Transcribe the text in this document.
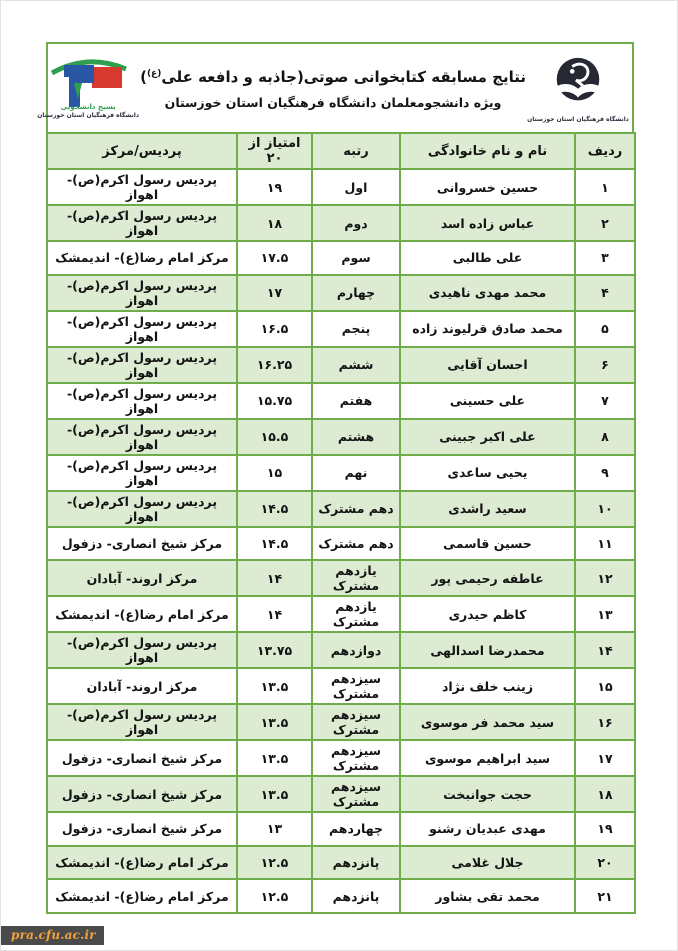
دانشگاه فرهنگیان استان خوزستان
نتایج مسابقه کتابخوانی صوتی(جاذبه و دافعه علی$^{(ع)}$)
ویژه دانشجومعلمان دانشگاه فرهنگیان استان خوزستان
بسیج دانشجویی
دانشگاه فرهنگیان استان خوزستان
ردیف	نام و نام خانوادگی	رتبه	امتیاز از ۲۰	پردیس/مرکز
۱	حسین خسروانی	اول	۱۹	پردیس رسول اکرم(ص)- اهواز
۲	عباس زاده اسد	دوم	۱۸	پردیس رسول اکرم(ص)- اهواز
۳	علی طالبی	سوم	۱۷.۵	مرکز امام رضا(ع)- اندیمشک
۴	محمد مهدی ناهیدی	چهارم	۱۷	پردیس رسول اکرم(ص)- اهواز
۵	محمد صادق قرلیوند زاده	پنجم	۱۶.۵	پردیس رسول اکرم(ص)- اهواز
۶	احسان آقایی	ششم	۱۶.۲۵	پردیس رسول اکرم(ص)- اهواز
۷	علی حسینی	هفتم	۱۵.۷۵	پردیس رسول اکرم(ص)- اهواز
۸	علی اکبر جبینی	هشتم	۱۵.۵	پردیس رسول اکرم(ص)- اهواز
۹	یحیی ساعدی	نهم	۱۵	پردیس رسول اکرم(ص)- اهواز
۱۰	سعید راشدی	دهم مشترک	۱۴.۵	پردیس رسول اکرم(ص)- اهواز
۱۱	حسین قاسمی	دهم مشترک	۱۴.۵	مرکز شیخ انصاری- دزفول
۱۲	عاطفه رحیمی پور	یازدهم مشترک	۱۴	مرکز اروند- آبادان
۱۳	کاظم حیدری	یازدهم مشترک	۱۴	مرکز امام رضا(ع)- اندیمشک
۱۴	محمدرضا اسدالهی	دوازدهم	۱۳.۷۵	پردیس رسول اکرم(ص)- اهواز
۱۵	زینب خلف نژاد	سیزدهم مشترک	۱۳.۵	مرکز اروند- آبادان
۱۶	سید محمد فر موسوی	سیزدهم مشترک	۱۳.۵	پردیس رسول اکرم(ص)- اهواز
۱۷	سید ابراهیم موسوی	سیزدهم مشترک	۱۳.۵	مرکز شیخ انصاری- دزفول
۱۸	حجت جوانبخت	سیزدهم مشترک	۱۳.۵	مرکز شیخ انصاری- دزفول
۱۹	مهدی عبدیان رشنو	چهاردهم	۱۳	مرکز شیخ انصاری- دزفول
۲۰	جلال غلامی	پانزدهم	۱۲.۵	مرکز امام رضا(ع)- اندیمشک
۲۱	محمد تقی بشاور	پانزدهم	۱۲.۵	مرکز امام رضا(ع)- اندیمشک
pra.cfu.ac.ir
